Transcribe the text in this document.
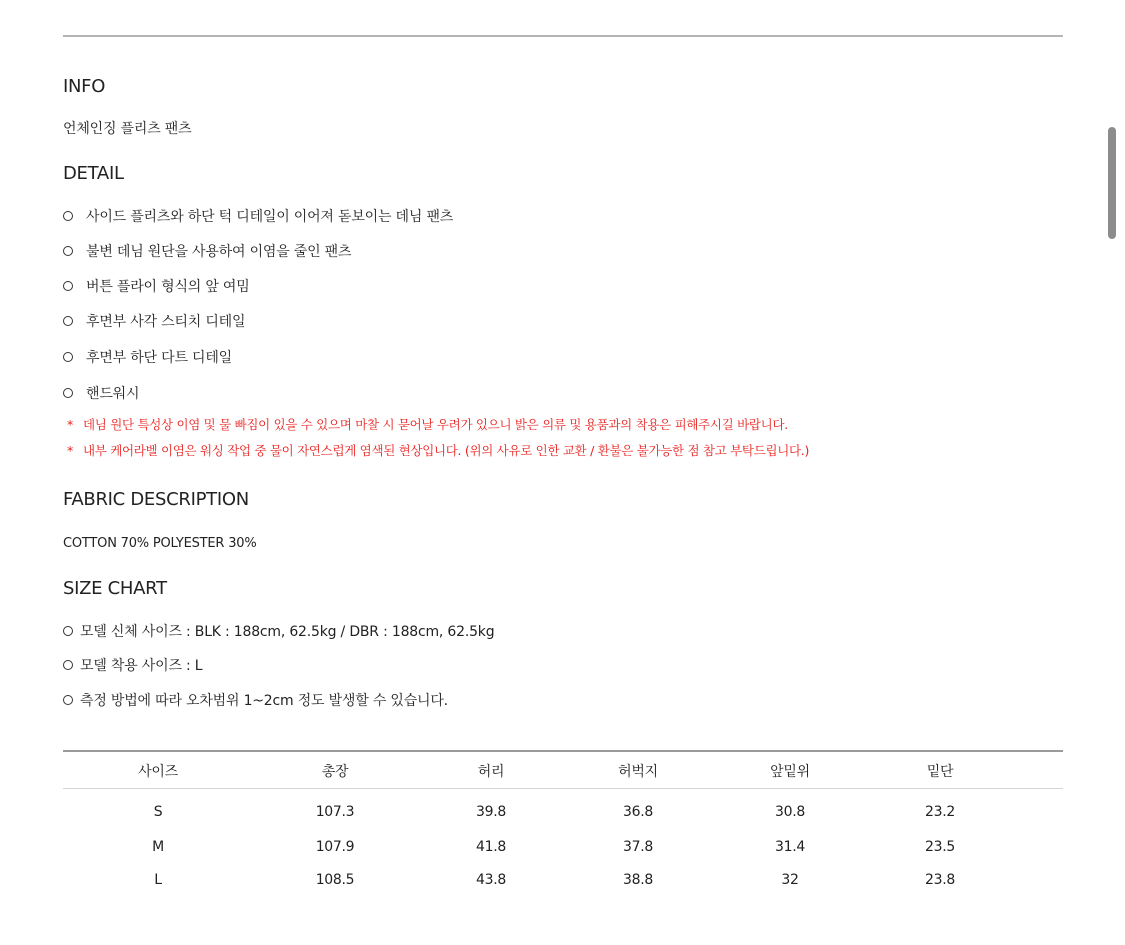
INFO
언체인징 플리츠 팬츠
DETAIL
사이드 플리츠와 하단 턱 디테일이 이어져 돋보이는 데님 팬츠
불변 데님 원단을 사용하여 이염을 줄인 팬츠
버튼 플라이 형식의 앞 여밈
후면부 사각 스티치 디테일
후면부 하단 다트 디테일
핸드워시
* 데님 원단 특성상 이염 및 물 빠짐이 있을 수 있으며 마찰 시 묻어날 우려가 있으니 밝은 의류 및 용품과의 착용은 피해주시길 바랍니다.
* 내부 케어라벨 이염은 워싱 작업 중 물이 자연스럽게 염색된 현상입니다. (위의 사유로 인한 교환 / 환불은 불가능한 점 참고 부탁드립니다.)
FABRIC DESCRIPTION
COTTON 70% POLYESTER 30%
SIZE CHART
모델 신체 사이즈 : BLK : 188cm, 62.5kg / DBR : 188cm, 62.5kg
모델 착용 사이즈 : L
측정 방법에 따라 오차범위 1~2cm 정도 발생할 수 있습니다.
사이즈	총장	허리	허벅지	앞밑위	밑단
S	107.3	39.8	36.8	30.8	23.2
M	107.9	41.8	37.8	31.4	23.5
L	108.5	43.8	38.8	32	23.8
